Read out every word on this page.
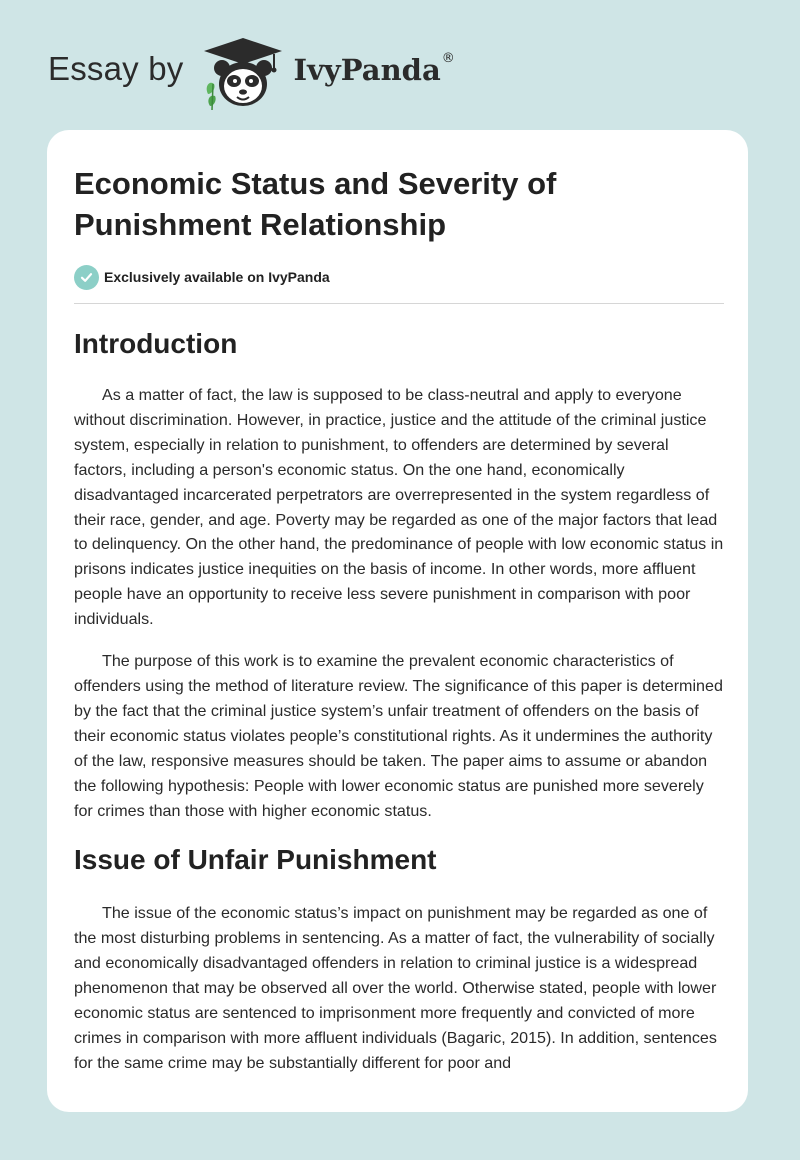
Essay by	IvyPanda ®
Economic Status and Severity of Punishment Relationship
Exclusively available on IvyPanda
Introduction

As a matter of fact, the law is supposed to be class-neutral and apply to everyone without discrimination. However, in practice, justice and the attitude of the criminal justice system, especially in relation to punishment, to offenders are determined by several factors, including a person's economic status. On the one hand, economically disadvantaged incarcerated perpetrators are overrepresented in the system regardless of their race, gender, and age. Poverty may be regarded as one of the major factors that lead to delinquency. On the other hand, the predominance of people with low economic status in prisons indicates justice inequities on the basis of income. In other words, more affluent people have an opportunity to receive less severe punishment in comparison with poor individuals.

The purpose of this work is to examine the prevalent economic characteristics of offenders using the method of literature review. The significance of this paper is determined by the fact that the criminal justice system’s unfair treatment of offenders on the basis of their economic status violates people’s constitutional rights. As it undermines the authority of the law, responsive measures should be taken. The paper aims to assume or abandon the following hypothesis: People with lower economic status are punished more severely for crimes than those with higher economic status.

Issue of Unfair Punishment

The issue of the economic status’s impact on punishment may be regarded as one of the most disturbing problems in sentencing. As a matter of fact, the vulnerability of socially and economically disadvantaged offenders in relation to criminal justice is a widespread phenomenon that may be observed all over the world. Otherwise stated, people with lower economic status are sentenced to imprisonment more frequently and convicted of more crimes in comparison with more affluent individuals (Bagaric, 2015). In addition, sentences for the same crime may be substantially different for poor and
